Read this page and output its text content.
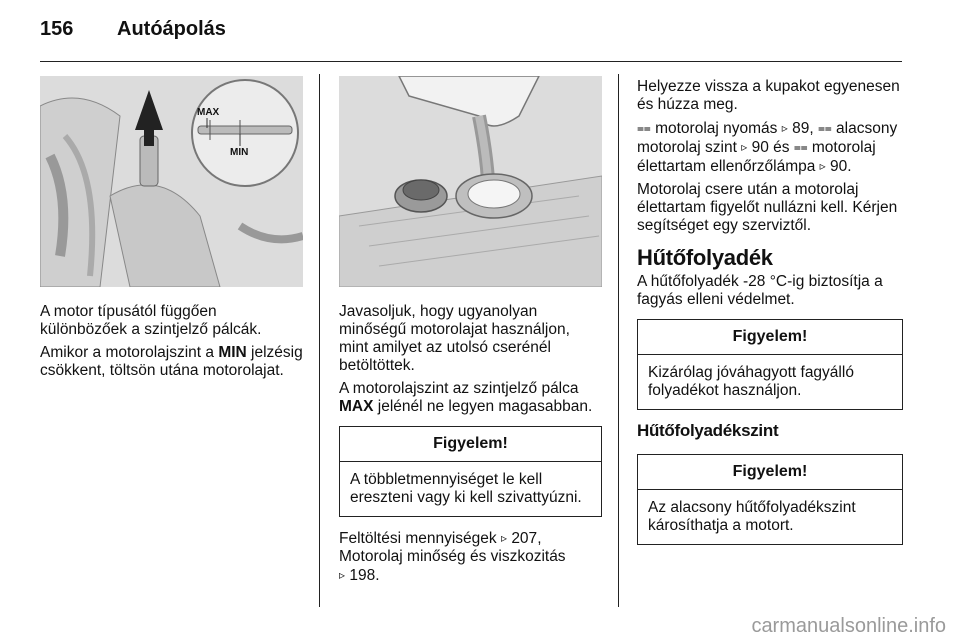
156 Autóápolás
MAX
MIN

A motor típusától függően különbözőek a szintjelző pálcák.

Amikor a motorolajszint a MIN jelzésig csökkent, töltsön utána motorolajat.

Javasoljuk, hogy ugyanolyan minőségű motorolajat használjon, mint amilyet az utolsó cserénél betöltöttek.

A motorolajszint az szintjelző pálca MAX jelénél ne legyen magasabban.

Figyelem!
A többletmennyiséget le kell ereszteni vagy ki kell szivattyúzni.

Feltöltési mennyiségek ▹ 207, Motorolaj minőség és viszkozitás ▹ 198.

Helyezze vissza a kupakot egyenesen és húzza meg.

⩵ motorolaj nyomás ▹ 89, ⩵ alacsony motorolaj szint ▹ 90 és ⩵ motorolaj élettartam ellenőrzőlámpa ▹ 90.

Motorolaj csere után a motorolaj élettartam figyelőt nullázni kell. Kérjen segítséget egy szerviztől.

Hűtőfolyadék

A hűtőfolyadék -28 °C-ig biztosítja a fagyás elleni védelmet.

Figyelem!
Kizárólag jóváhagyott fagyálló folyadékot használjon.
Hűtőfolyadékszint
Figyelem!
Az alacsony hűtőfolyadékszint károsíthatja a motort.
carmanualsonline.info
